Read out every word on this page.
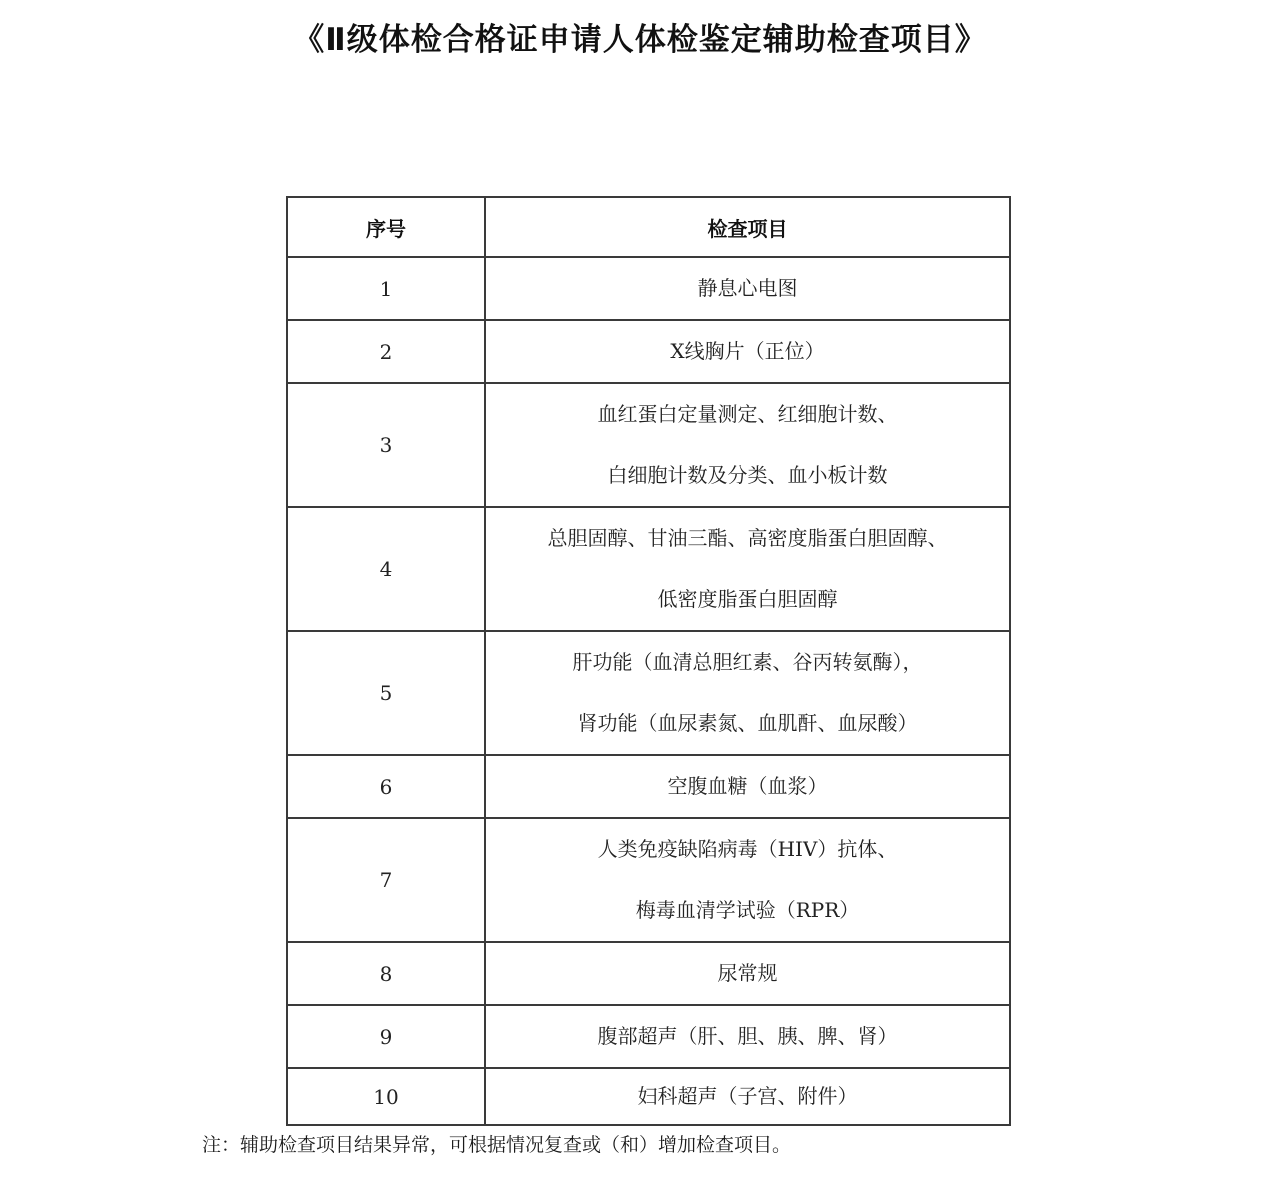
《Ⅱ级体检合格证申请人体检鉴定辅助检查项目》
序号	检查项目
1	静息心电图

2	X线胸片（正位）

3	血红蛋白定量测定、红细胞计数、
白细胞计数及分类、血小板计数

4	总胆固醇、甘油三酯、高密度脂蛋白胆固醇、
低密度脂蛋白胆固醇

5	肝功能（血清总胆红素、谷丙转氨酶），
肾功能（血尿素氮、血肌酐、血尿酸）

6	空腹血糖（血浆）

7	人类免疫缺陷病毒（HIV）抗体、
梅毒血清学试验（RPR）

8	尿常规

9	腹部超声（肝、胆、胰、脾、肾）

10	妇科超声（子宫、附件）
注：辅助检查项目结果异常，可根据情况复查或（和）增加检查项目。
